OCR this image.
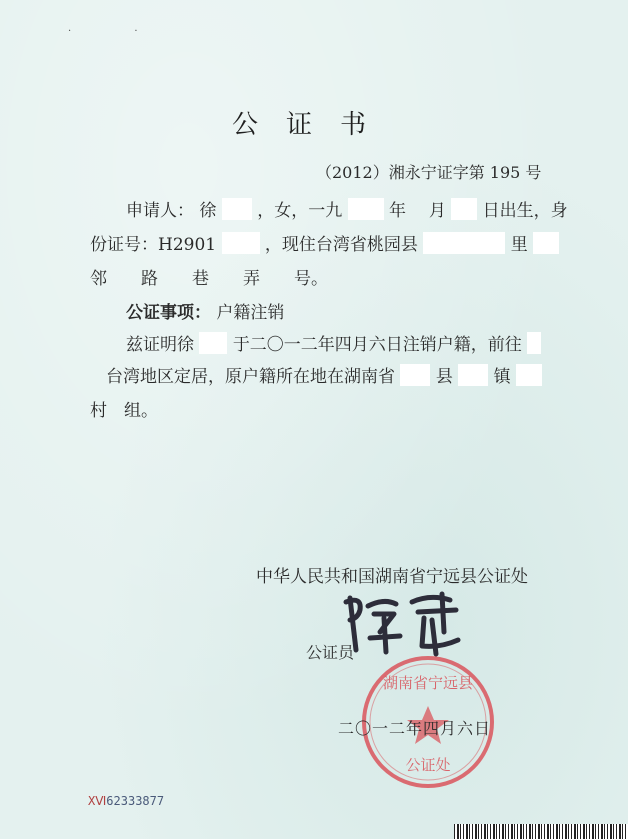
· ·
公证书
（2012）湘永宁证字第 195 号
申请人： 徐 ，女，一九	年 月 日出生，身
份证号：H2901	，现住台湾省桃园县	里
邻　　路　　巷　　弄　　号。
公证事项： 户籍注销
兹证明徐 于二〇一二年四月六日注销户籍，前往
台湾地区定居，原户籍所在地在湖南省 县 镇
村　组。
中华人民共和国湖南省宁远县公证处
公证员
湖南省宁远县
公证处
二〇一二年四月六日
XⅥ62333877
